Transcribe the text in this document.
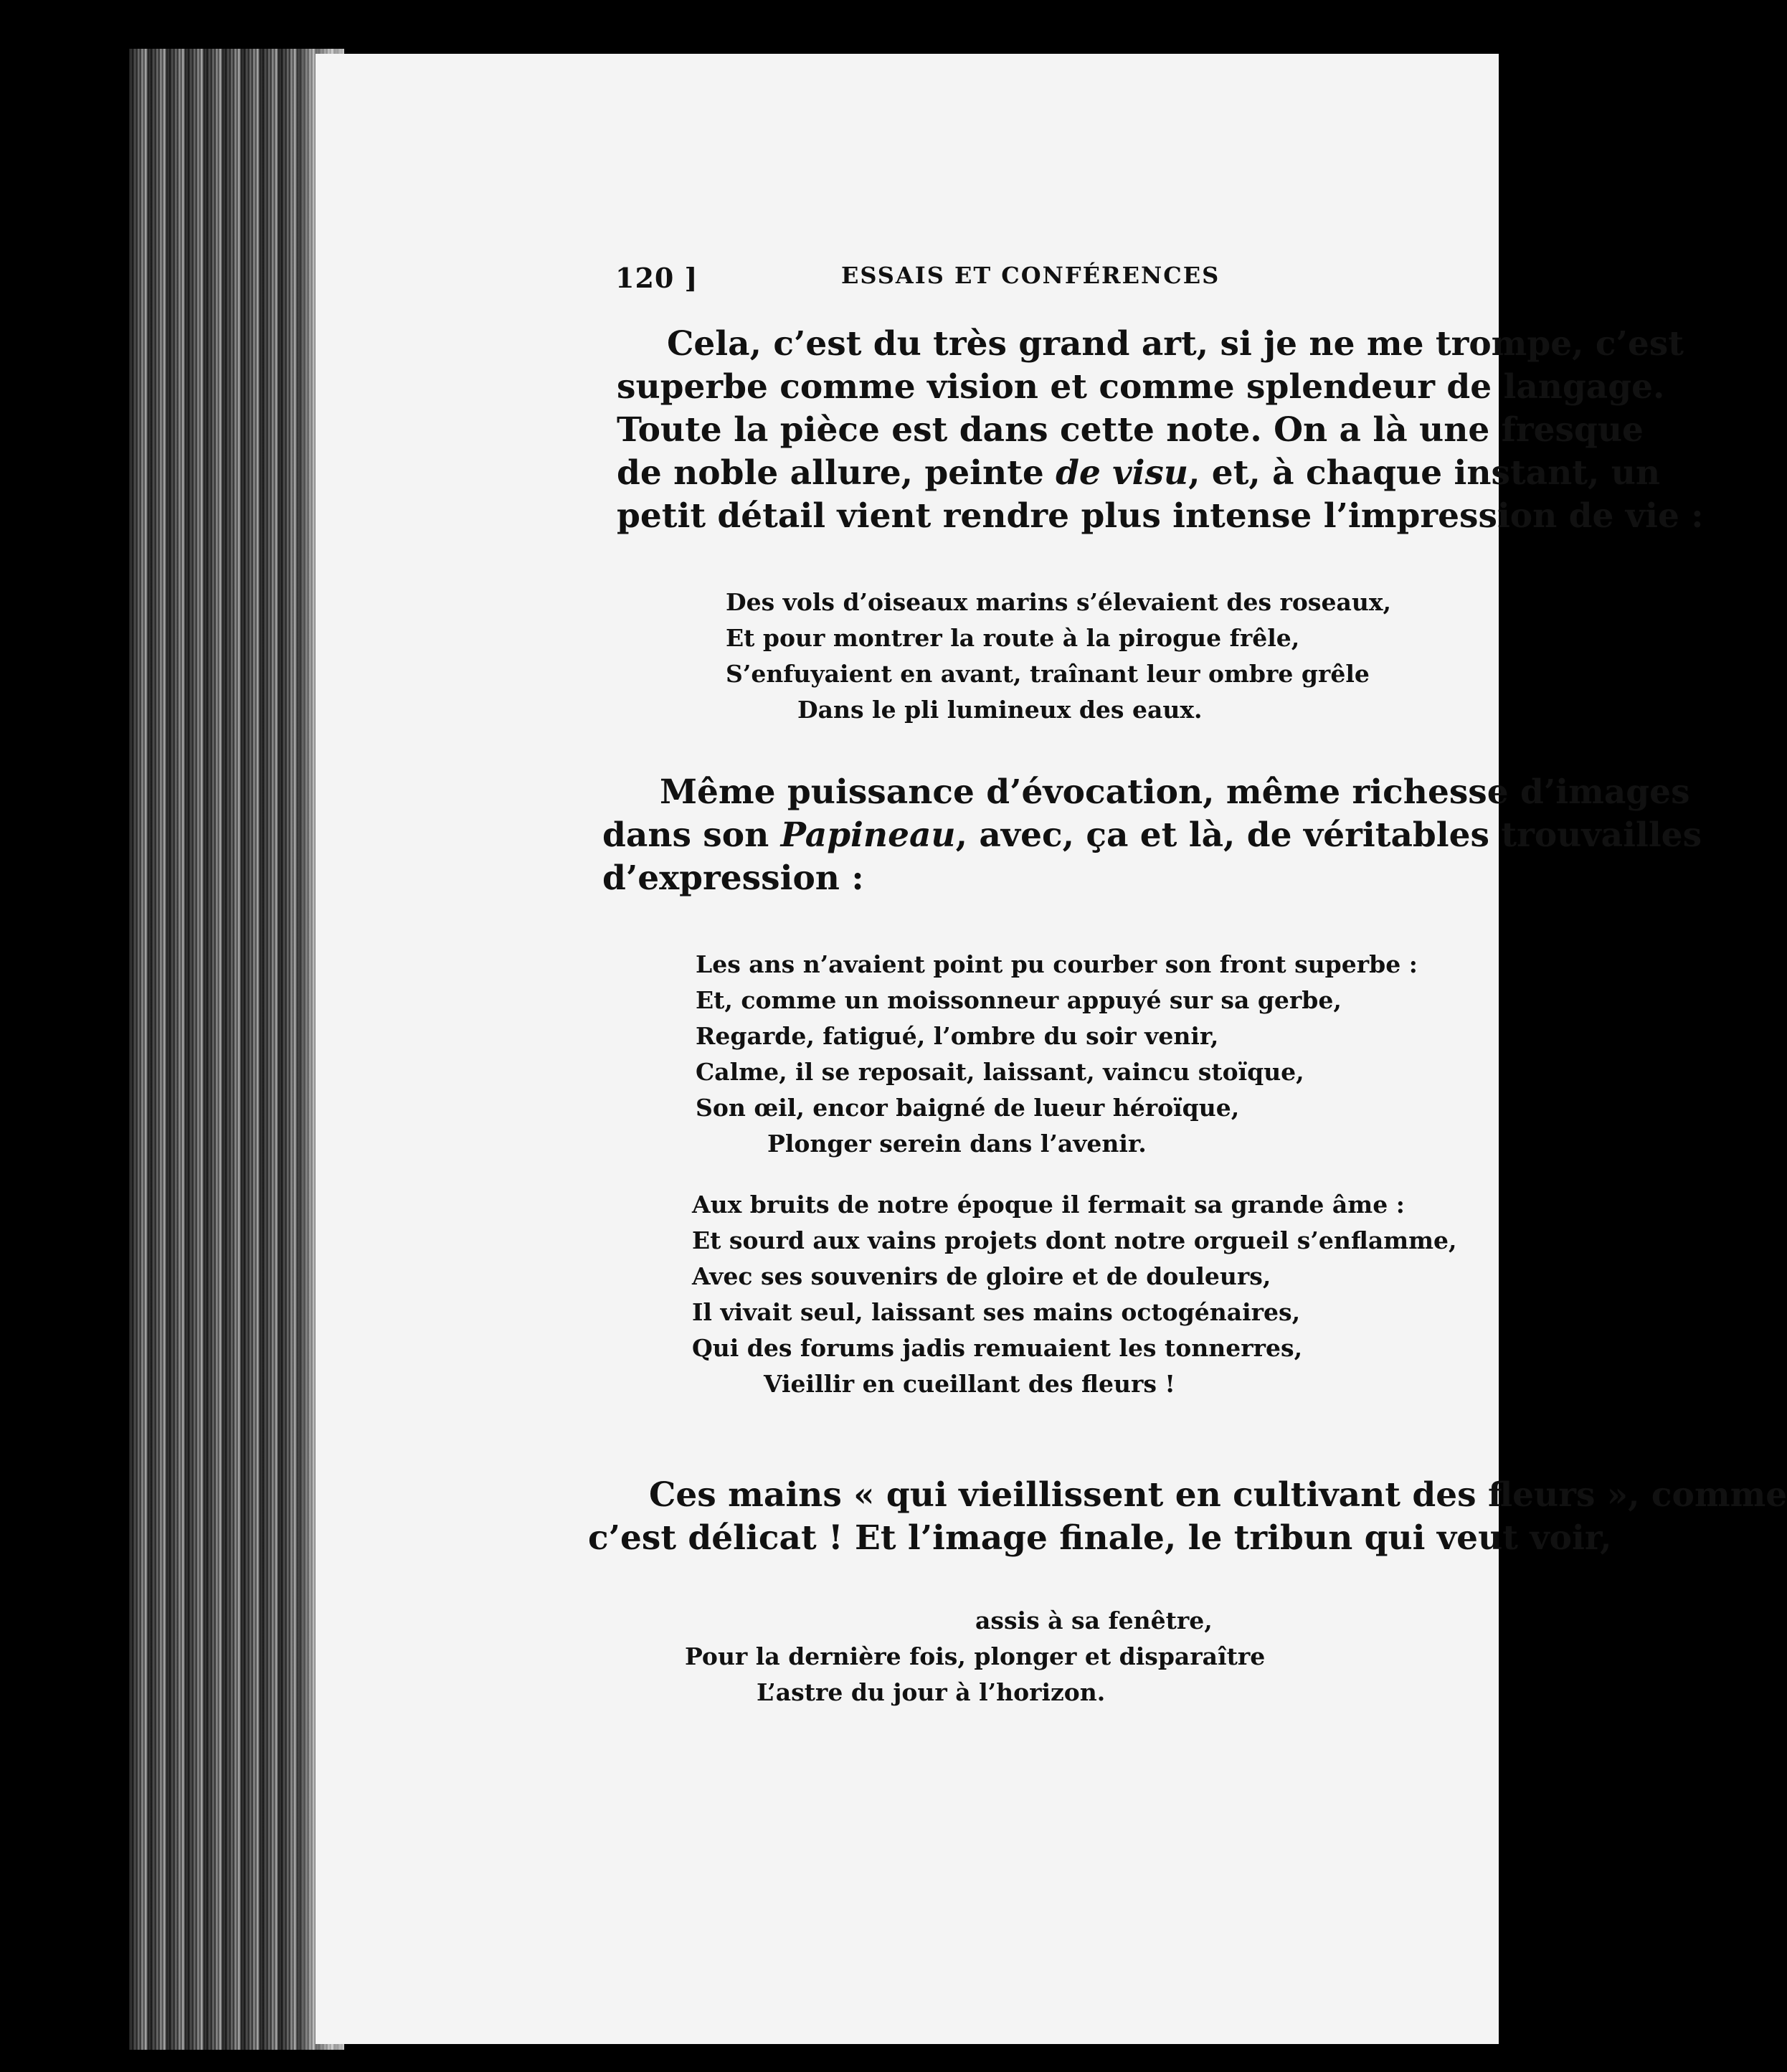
120 ]	ESSAIS ET CONFÉRENCES
Cela, c’est du très grand art, si je ne me trompe, c’est
superbe comme vision et comme splendeur de langage.
Toute la pièce est dans cette note. On a là une fresque
de noble allure, peinte de visu, et, à chaque instant, un
petit détail vient rendre plus intense l’impression de vie :
Des vols d’oiseaux marins s’élevaient des roseaux,
Et pour montrer la route à la pirogue frêle,
S’enfuyaient en avant, traînant leur ombre grêle
Dans le pli lumineux des eaux.
Même puissance d’évocation, même richesse d’images
dans son Papineau, avec, ça et là, de véritables trouvailles
d’expression :
Les ans n’avaient point pu courber son front superbe :
Et, comme un moissonneur appuyé sur sa gerbe,
Regarde, fatigué, l’ombre du soir venir,
Calme, il se reposait, laissant, vaincu stoïque,
Son œil, encor baigné de lueur héroïque,
Plonger serein dans l’avenir.
Aux bruits de notre époque il fermait sa grande âme :
Et sourd aux vains projets dont notre orgueil s’enflamme,
Avec ses souvenirs de gloire et de douleurs,
Il vivait seul, laissant ses mains octogénaires,
Qui des forums jadis remuaient les tonnerres,
Vieillir en cueillant des fleurs !
Ces mains « qui vieillissent en cultivant des fleurs », comme
c’est délicat ! Et l’image finale, le tribun qui veut voir,
assis à sa fenêtre,
Pour la dernière fois, plonger et disparaître
L’astre du jour à l’horizon.
